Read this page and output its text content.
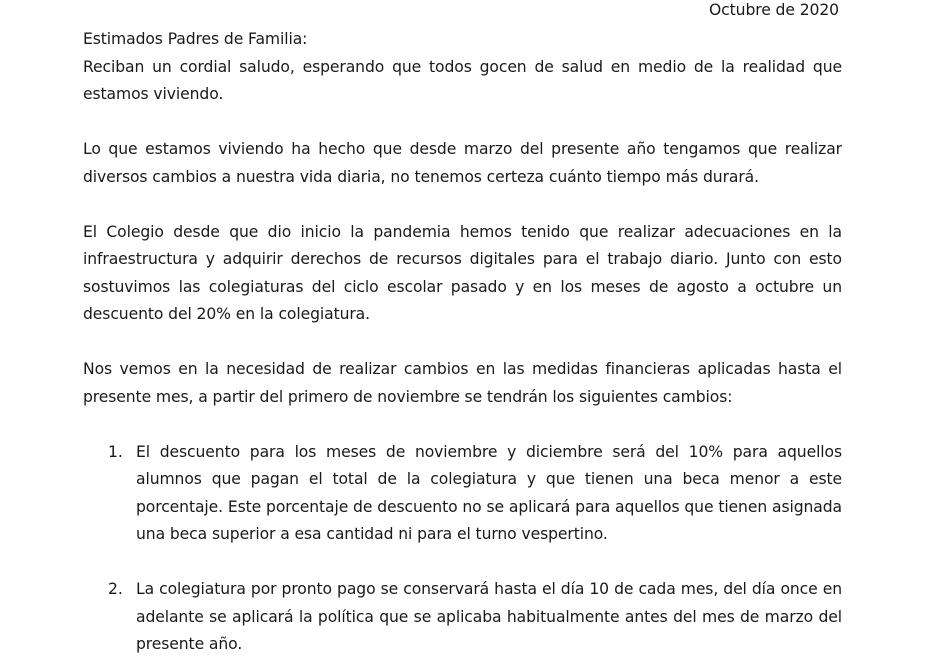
Octubre de 2020

Estimados Padres de Familia:

Reciban un cordial saludo, esperando que todos gocen de salud en medio de la realidad que estamos viviendo.

Lo que estamos viviendo ha hecho que desde marzo del presente año tengamos que realizar diversos cambios a nuestra vida diaria, no tenemos certeza cuánto tiempo más durará.

El Colegio desde que dio inicio la pandemia hemos tenido que realizar adecuaciones en la infraestructura y adquirir derechos de recursos digitales para el trabajo diario. Junto con esto sostuvimos las colegiaturas del ciclo escolar pasado y en los meses de agosto a octubre un descuento del 20% en la colegiatura.

Nos vemos en la necesidad de realizar cambios en las medidas financieras aplicadas hasta el presente mes, a partir del primero de noviembre se tendrán los siguientes cambios:

1. El descuento para los meses de noviembre y diciembre será del 10% para aquellos alumnos que pagan el total de la colegiatura y que tienen una beca menor a este porcentaje. Este porcentaje de descuento no se aplicará para aquellos que tienen asignada una beca superior a esa cantidad ni para el turno vespertino.
2. La colegiatura por pronto pago se conservará hasta el día 10 de cada mes, del día once en adelante se aplicará la política que se aplicaba habitualmente antes del mes de marzo del presente año.
